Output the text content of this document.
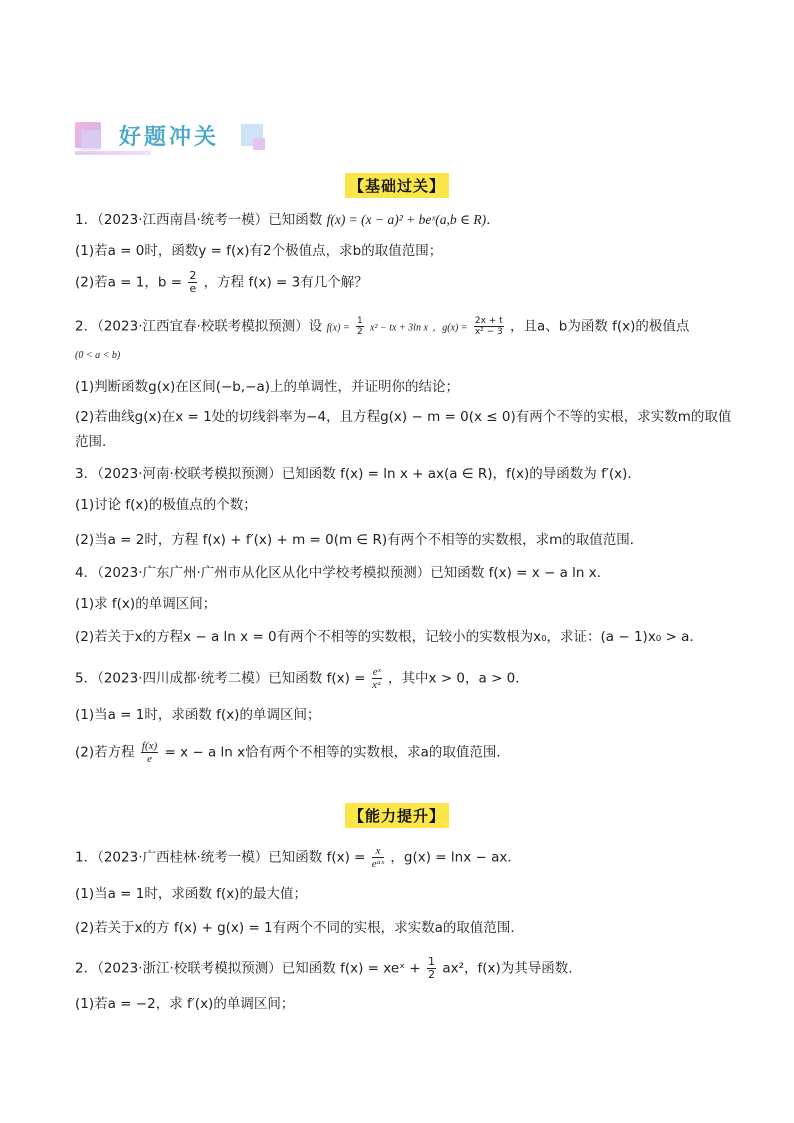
好题冲关
【基础过关】
1．（2023·江西南昌·统考一模）已知函数 f(x) = (x − a)² + beˣ(a,b ∈ R)．
(1)若a = 0时，函数y = f(x)有2个极值点，求b的取值范围；
(2)若a = 1，$b = \frac{2}{e}$ ，方程 f(x) = 3有几个解？
2．（2023·江西宜春·校联考模拟预测）设 $f(x) = \frac{1}{2} x^2$ − tx + 3ln x ，$g(x) = \frac{2x + t}{\text{x² − 3}}$ ，且a、b为函数 f(x)的极值点
(0 < a < b)
(1)判断函数g(x)在区间(−b,−a)上的单调性，并证明你的结论；
(2)若曲线g(x)在x = 1处的切线斜率为−4，且方程g(x) − m = 0(x ≤ 0)有两个不等的实根，求实数m的取值
范围.
3．（2023·河南·校联考模拟预测）已知函数 f(x) = ln x + ax(a ∈ R)，f(x)的导函数为 f′(x)．
(1)讨论 f(x)的极值点的个数；
(2)当a = 2时，方程 f(x) + f′(x) + m = 0(m ∈ R)有两个不相等的实数根，求m的取值范围．
4．（2023·广东广州·广州市从化区从化中学校考模拟预测）已知函数 f(x) = x − a ln x．
(1)求 f(x)的单调区间；
(2)若关于x的方程x − a ln x = 0有两个不相等的实数根，记较小的实数根为x₀，求证：(a − 1)x₀ > a．
5．（2023·四川成都·统考二模）已知函数 $f(x) = \frac{\text{eˣ}}{\text{xᵃ}}$ ，其中x > 0，a > 0．
(1)当a = 1时，求函数 f(x)的单调区间；
(2)若方程 $\frac{f(x)}{e} = x - a$ ln x恰有两个不相等的实数根，求a的取值范围．
【能力提升】
1．（2023·广西桂林·统考一模）已知函数 $f(x) = \frac{x}{\text{eᵃˣ}}$ ，g(x) = lnx − ax．
(1)当a = 1时，求函数 f(x)的最大值；
(2)若关于x的方 f(x) + g(x) = 1有两个不同的实根，求实数a的取值范围.
2．（2023·浙江·校联考模拟预测）已知函数 f(x) = xeˣ + $\frac{1}{2} ax^2$，f(x)为其导函数.
(1)若a = −2，求 f′(x)的单调区间；
